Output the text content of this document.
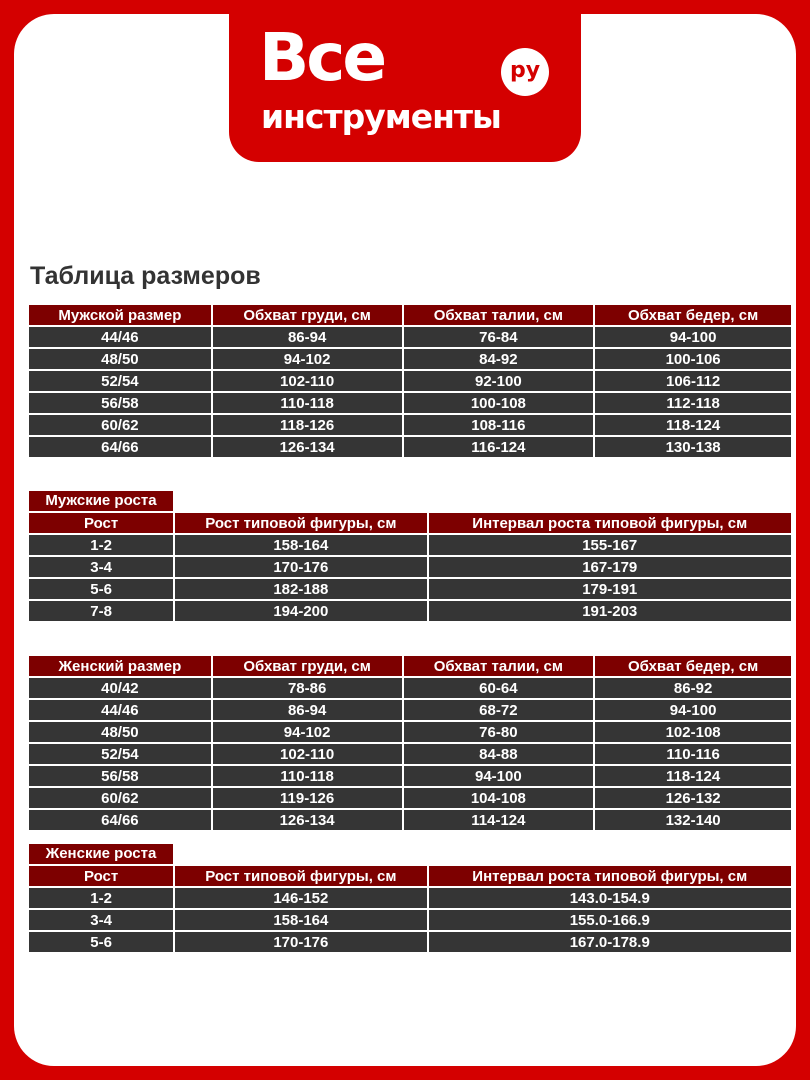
Все	ру
инструменты
Таблица размеров
Мужской размер	Обхват груди, см	Обхват талии, см	Обхват бедер, см
44/46	86-94	76-84	94-100
48/50	94-102	84-92	100-106
52/54	102-110	92-100	106-112
56/58	110-118	100-108	112-118
60/62	118-126	108-116	118-124
64/66	126-134	116-124	130-138
Мужские роста
Рост	Рост типовой фигуры, см	Интервал роста типовой фигуры, см
1-2	158-164	155-167
3-4	170-176	167-179
5-6	182-188	179-191
7-8	194-200	191-203
Женский размер	Обхват груди, см	Обхват талии, см	Обхват бедер, см
40/42	78-86	60-64	86-92
44/46	86-94	68-72	94-100
48/50	94-102	76-80	102-108
52/54	102-110	84-88	110-116
56/58	110-118	94-100	118-124
60/62	119-126	104-108	126-132
64/66	126-134	114-124	132-140
Женские роста
Рост	Рост типовой фигуры, см	Интервал роста типовой фигуры, см
1-2	146-152	143.0-154.9
3-4	158-164	155.0-166.9
5-6	170-176	167.0-178.9
